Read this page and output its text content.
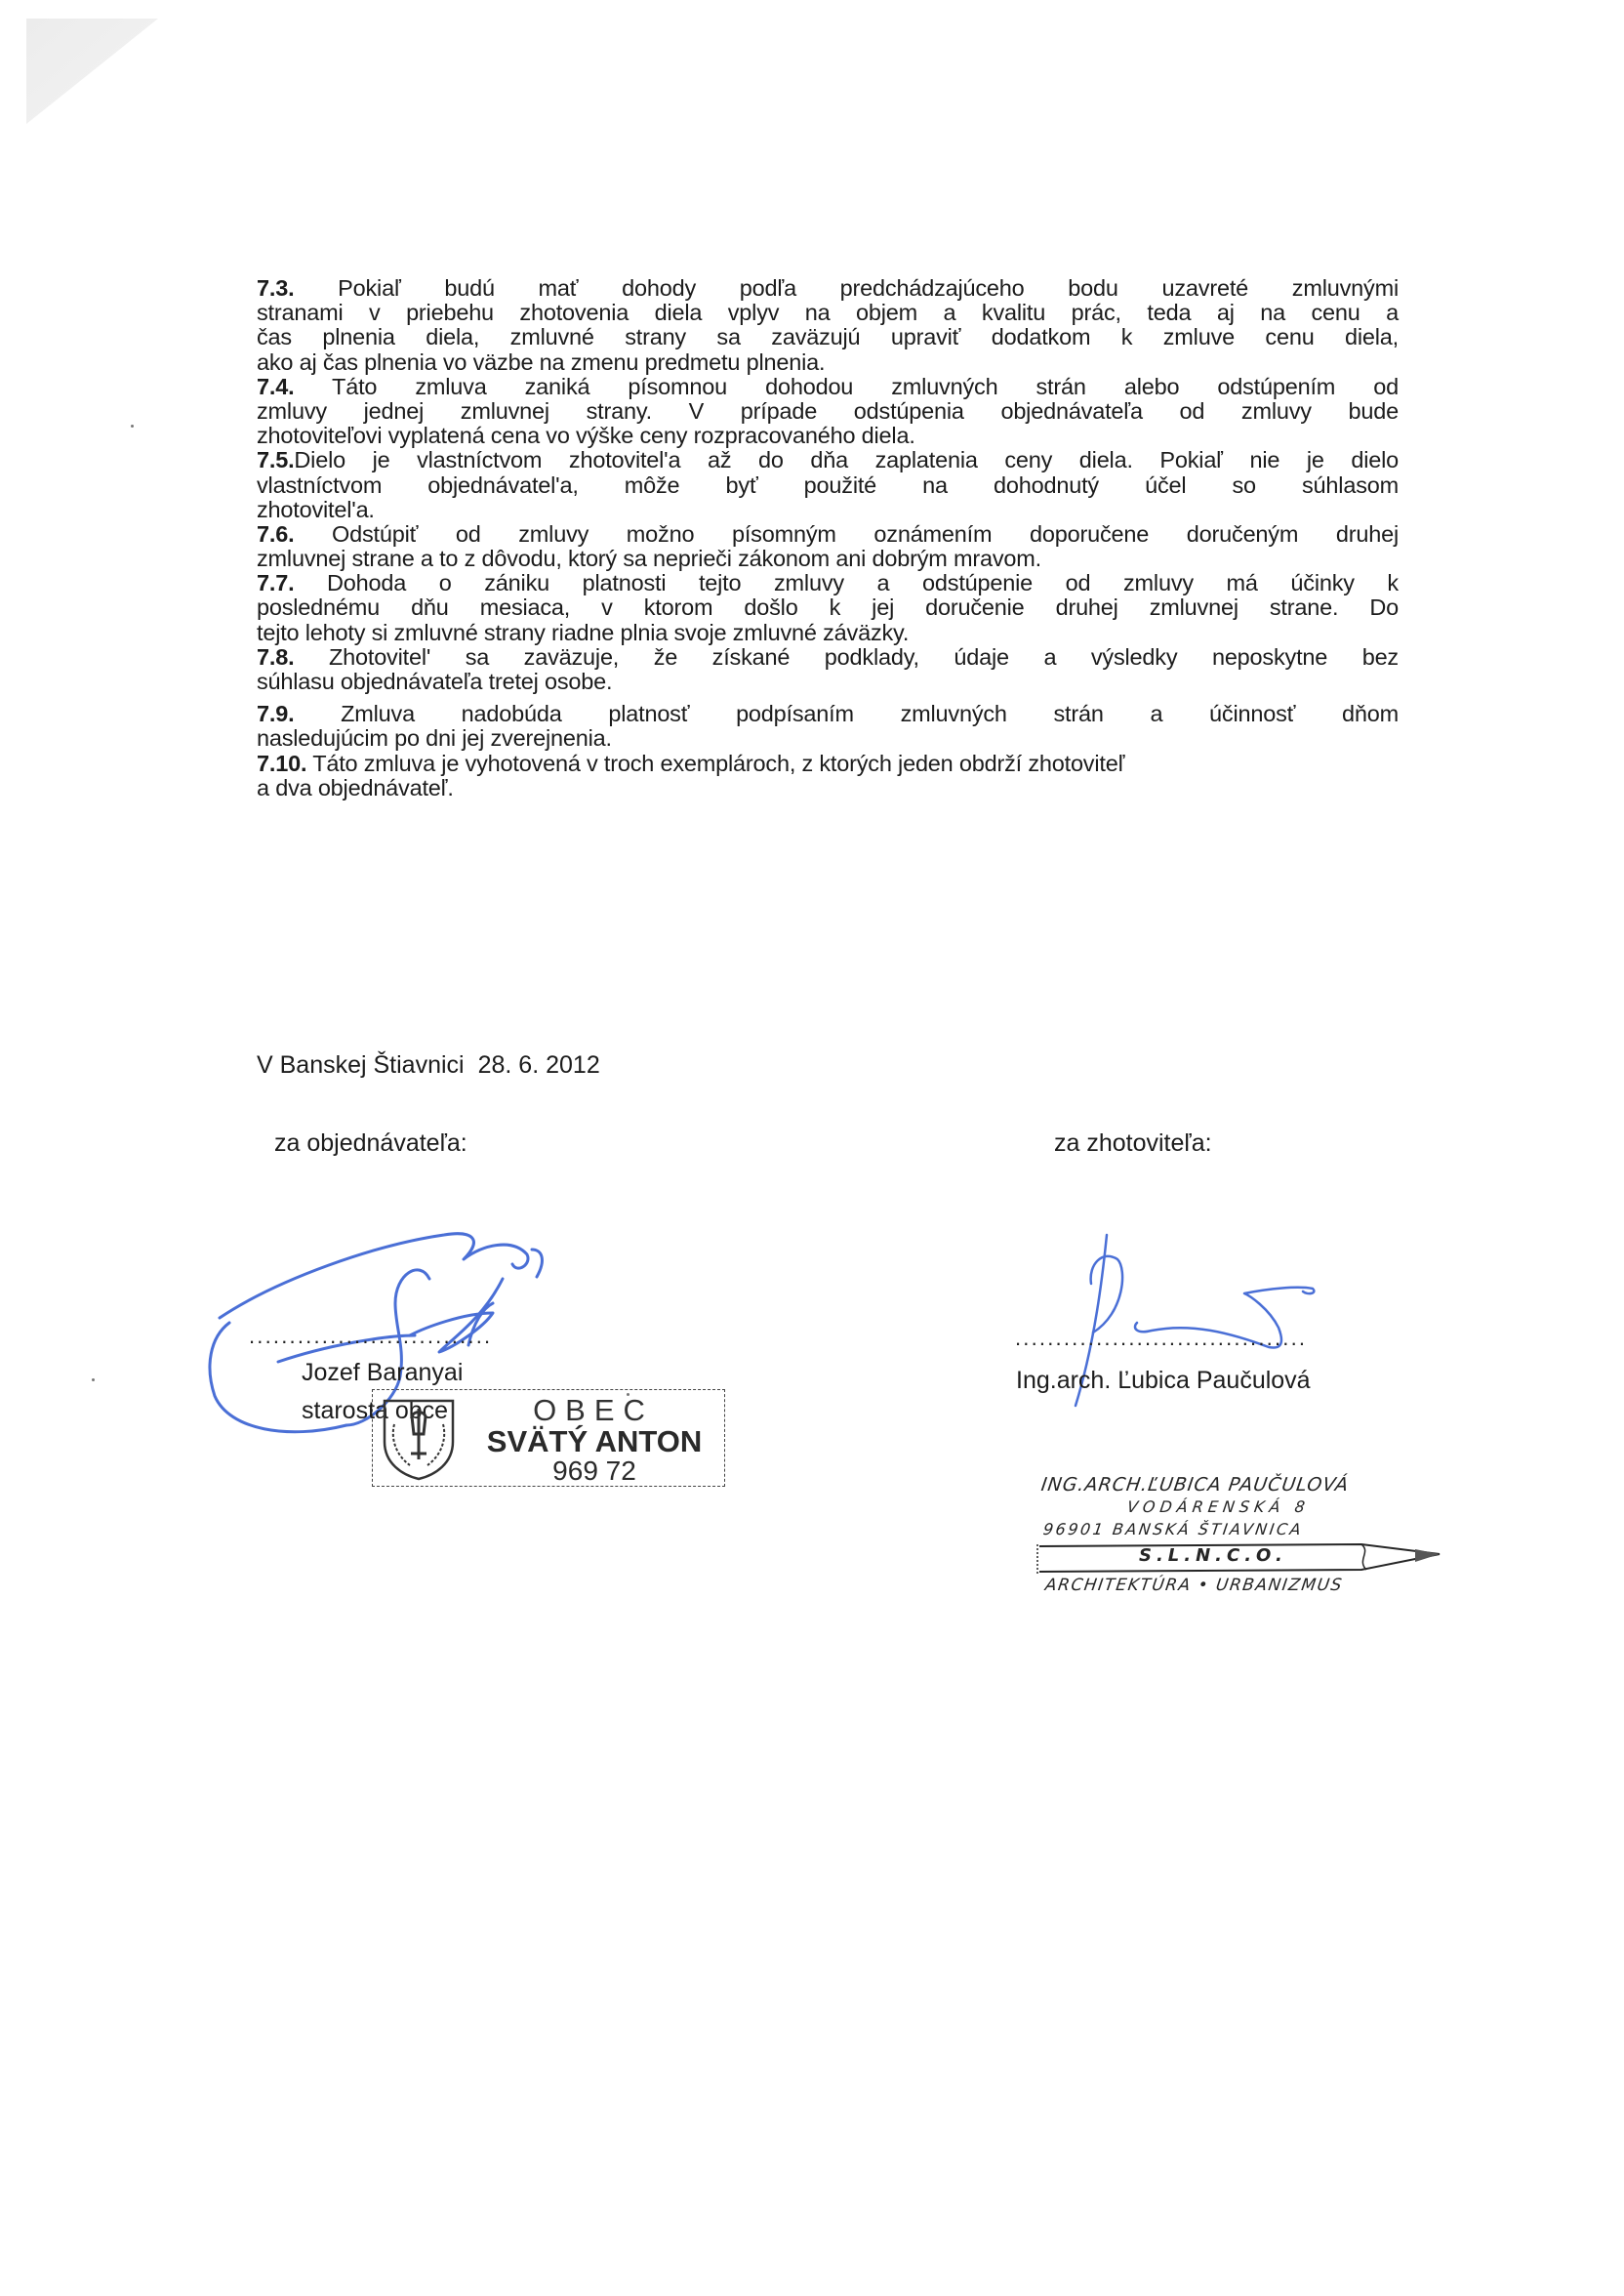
7.3. Pokiaľ budú mať dohody podľa predchádzajúceho bodu uzavreté zmluvnými
stranami v priebehu zhotovenia diela vplyv na objem a kvalitu prác, teda aj na cenu a
čas plnenia diela, zmluvné strany sa zaväzujú upraviť dodatkom k zmluve cenu diela,
ako aj čas plnenia vo väzbe na zmenu predmetu plnenia.
7.4. Táto zmluva zaniká písomnou dohodou zmluvných strán alebo odstúpením od
zmluvy jednej zmluvnej strany. V prípade odstúpenia objednávateľa od zmluvy bude
zhotoviteľovi vyplatená cena vo výške ceny rozpracovaného diela.
7.5.Dielo je vlastníctvom zhotovitel'a až do dňa zaplatenia ceny diela. Pokiaľ nie je dielo
vlastníctvom objednávatel'a, môže byť použité na dohodnutý účel so súhlasom
zhotovitel'a.
7.6. Odstúpiť od zmluvy možno písomným oznámením doporučene doručeným druhej
zmluvnej strane a to z dôvodu, ktorý sa neprieči zákonom ani dobrým mravom.
7.7. Dohoda o zániku platnosti tejto zmluvy a odstúpenie od zmluvy má účinky k
poslednému dňu mesiaca, v ktorom došlo k jej doručenie druhej zmluvnej strane. Do
tejto lehoty si zmluvné strany riadne plnia svoje zmluvné záväzky.
7.8. Zhotovitel' sa zaväzuje, že získané podklady, údaje a výsledky neposkytne bez
súhlasu objednávateľa tretej osobe.
7.9. Zmluva nadobúda platnosť podpísaním zmluvných strán a účinnosť dňom
nasledujúcim po dni jej zverejnenia.
7.10. Táto zmluva je vyhotovená v troch exemplároch, z ktorých jeden obdrží zhotoviteľ
a dva objednávateľ.
V Banskej Štiavnici 28. 6. 2012
za objednávateľa:	za zhotoviteľa:
..............................
Jozef Baranyai
starosta obce	OBEC
SVÄTÝ ANTON
969 72
....................................
Ing.arch. Ľubica Paučulová
ING.ARCH.ĽUBICA PAUČULOVÁ
VODÁRENSKÁ 8
96901 BANSKÁ ŠTIAVNICA
S.L.N.C.O.
ARCHITEKTÚRA • URBANIZMUS
